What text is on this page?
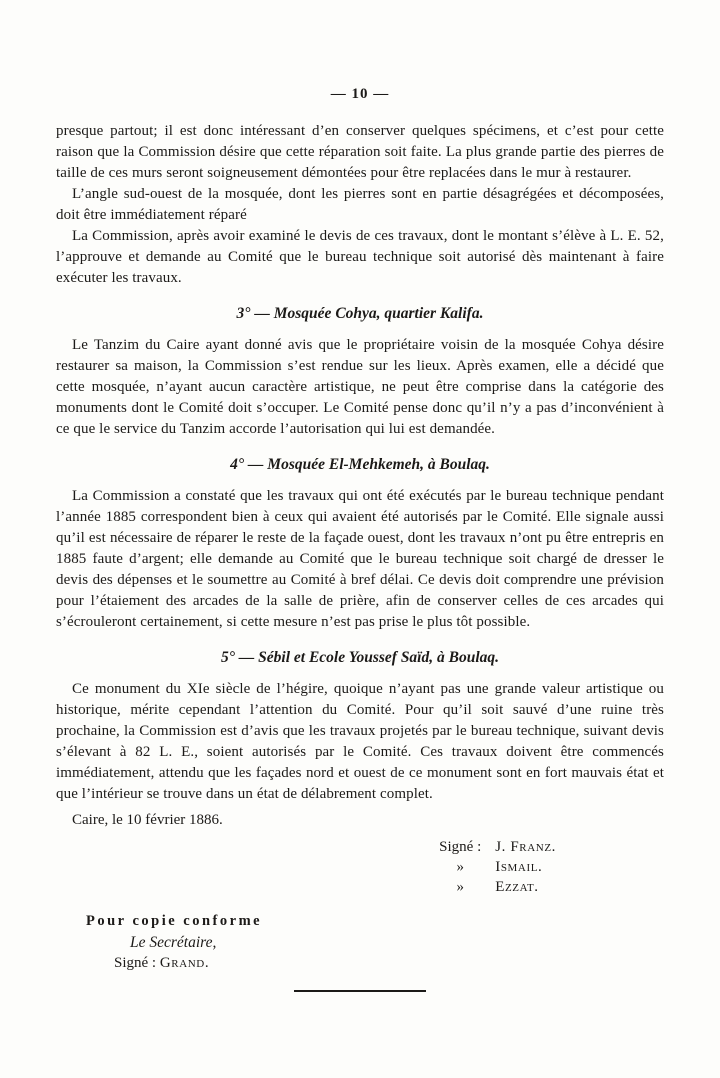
— 10 —

presque partout; il est donc intéressant d’en conserver quelques spécimens, et c’est pour cette raison que la Commission désire que cette réparation soit faite. La plus grande partie des pierres de taille de ces murs seront soigneusement démontées pour être replacées dans le mur à restaurer.

L’angle sud-ouest de la mosquée, dont les pierres sont en partie désagrégées et décomposées, doit être immédiatement réparé

La Commission, après avoir examiné le devis de ces travaux, dont le montant s’élève à L. E. 52, l’approuve et demande au Comité que le bureau technique soit autorisé dès maintenant à faire exécuter les travaux.

3° — Mosquée Cohya, quartier Kalifa.

Le Tanzim du Caire ayant donné avis que le propriétaire voisin de la mosquée Cohya désire restaurer sa maison, la Commission s’est rendue sur les lieux. Après examen, elle a décidé que cette mosquée, n’ayant aucun caractère artistique, ne peut être comprise dans la catégorie des monuments dont le Comité doit s’occuper. Le Comité pense donc qu’il n’y a pas d’inconvénient à ce que le service du Tanzim accorde l’autorisation qui lui est demandée.

4° — Mosquée El-Mehkemeh, à Boulaq.

La Commission a constaté que les travaux qui ont été exécutés par le bureau technique pendant l’année 1885 correspondent bien à ceux qui avaient été autorisés par le Comité. Elle signale aussi qu’il est nécessaire de réparer le reste de la façade ouest, dont les travaux n’ont pu être entrepris en 1885 faute d’argent; elle demande au Comité que le bureau technique soit chargé de dresser le devis des dépenses et le soumettre au Comité à bref délai. Ce devis doit comprendre une prévision pour l’étaiement des arcades de la salle de prière, afin de conserver celles de ces arcades qui s’écrouleront certainement, si cette mesure n’est pas prise le plus tôt possible.

5° — Sébil et Ecole Youssef Saïd, à Boulaq.

Ce monument du XIe siècle de l’hégire, quoique n’ayant pas une grande valeur artistique ou historique, mérite cependant l’attention du Comité. Pour qu’il soit sauvé d’une ruine très prochaine, la Commission est d’avis que les travaux projetés par le bureau technique, suivant devis s’élevant à 82 L. E., soient autorisés par le Comité. Ces travaux doivent être commencés immédiatement, attendu que les façades nord et ouest de ce monument sont en fort mauvais état et que l’intérieur se trouve dans un état de délabrement complet.

Caire, le 10 février 1886.

Signé : J. Franz.
»	Ismail.
»	Ezzat.
Pour copie conforme
Le Secrétaire,
Signé : Grand.
